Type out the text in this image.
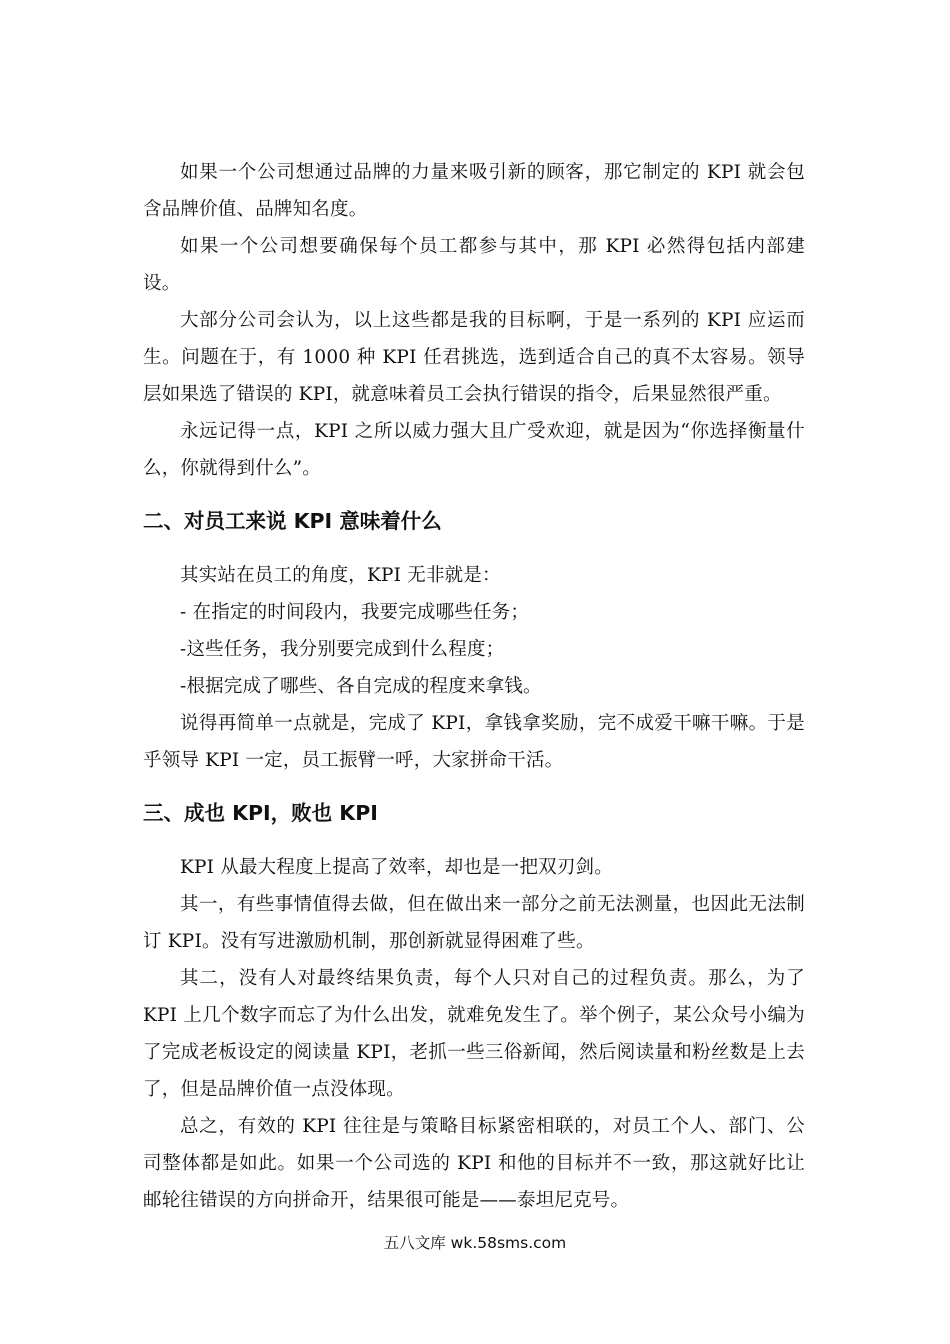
如果一个公司想通过品牌的力量来吸引新的顾客，那它制定的 KPI 就会包含品牌价值、品牌知名度。

如果一个公司想要确保每个员工都参与其中，那 KPI 必然得包括内部建设。

大部分公司会认为，以上这些都是我的目标啊，于是一系列的 KPI 应运而生。问题在于，有 1000 种 KPI 任君挑选，选到适合自己的真不太容易。领导层如果选了错误的 KPI，就意味着员工会执行错误的指令，后果显然很严重。

永远记得一点，KPI 之所以威力强大且广受欢迎，就是因为“你选择衡量什么，你就得到什么”。

二、对员工来说 KPI 意味着什么

其实站在员工的角度，KPI 无非就是：

- 在指定的时间段内，我要完成哪些任务；

-这些任务，我分别要完成到什么程度；

-根据完成了哪些、各自完成的程度来拿钱。

说得再简单一点就是，完成了 KPI，拿钱拿奖励，完不成爱干嘛干嘛。于是乎领导 KPI 一定，员工振臂一呼，大家拼命干活。

三、成也 KPI，败也 KPI

KPI 从最大程度上提高了效率，却也是一把双刃剑。

其一，有些事情值得去做，但在做出来一部分之前无法测量，也因此无法制订 KPI。没有写进激励机制，那创新就显得困难了些。

其二，没有人对最终结果负责，每个人只对自己的过程负责。那么，为了 KPI 上几个数字而忘了为什么出发，就难免发生了。举个例子，某公众号小编为了完成老板设定的阅读量 KPI，老抓一些三俗新闻，然后阅读量和粉丝数是上去了，但是品牌价值一点没体现。

总之，有效的 KPI 往往是与策略目标紧密相联的，对员工个人、部门、公司整体都是如此。如果一个公司选的 KPI 和他的目标并不一致，那这就好比让邮轮往错误的方向拼命开，结果很可能是——泰坦尼克号。

五八文库 wk.58sms.com
